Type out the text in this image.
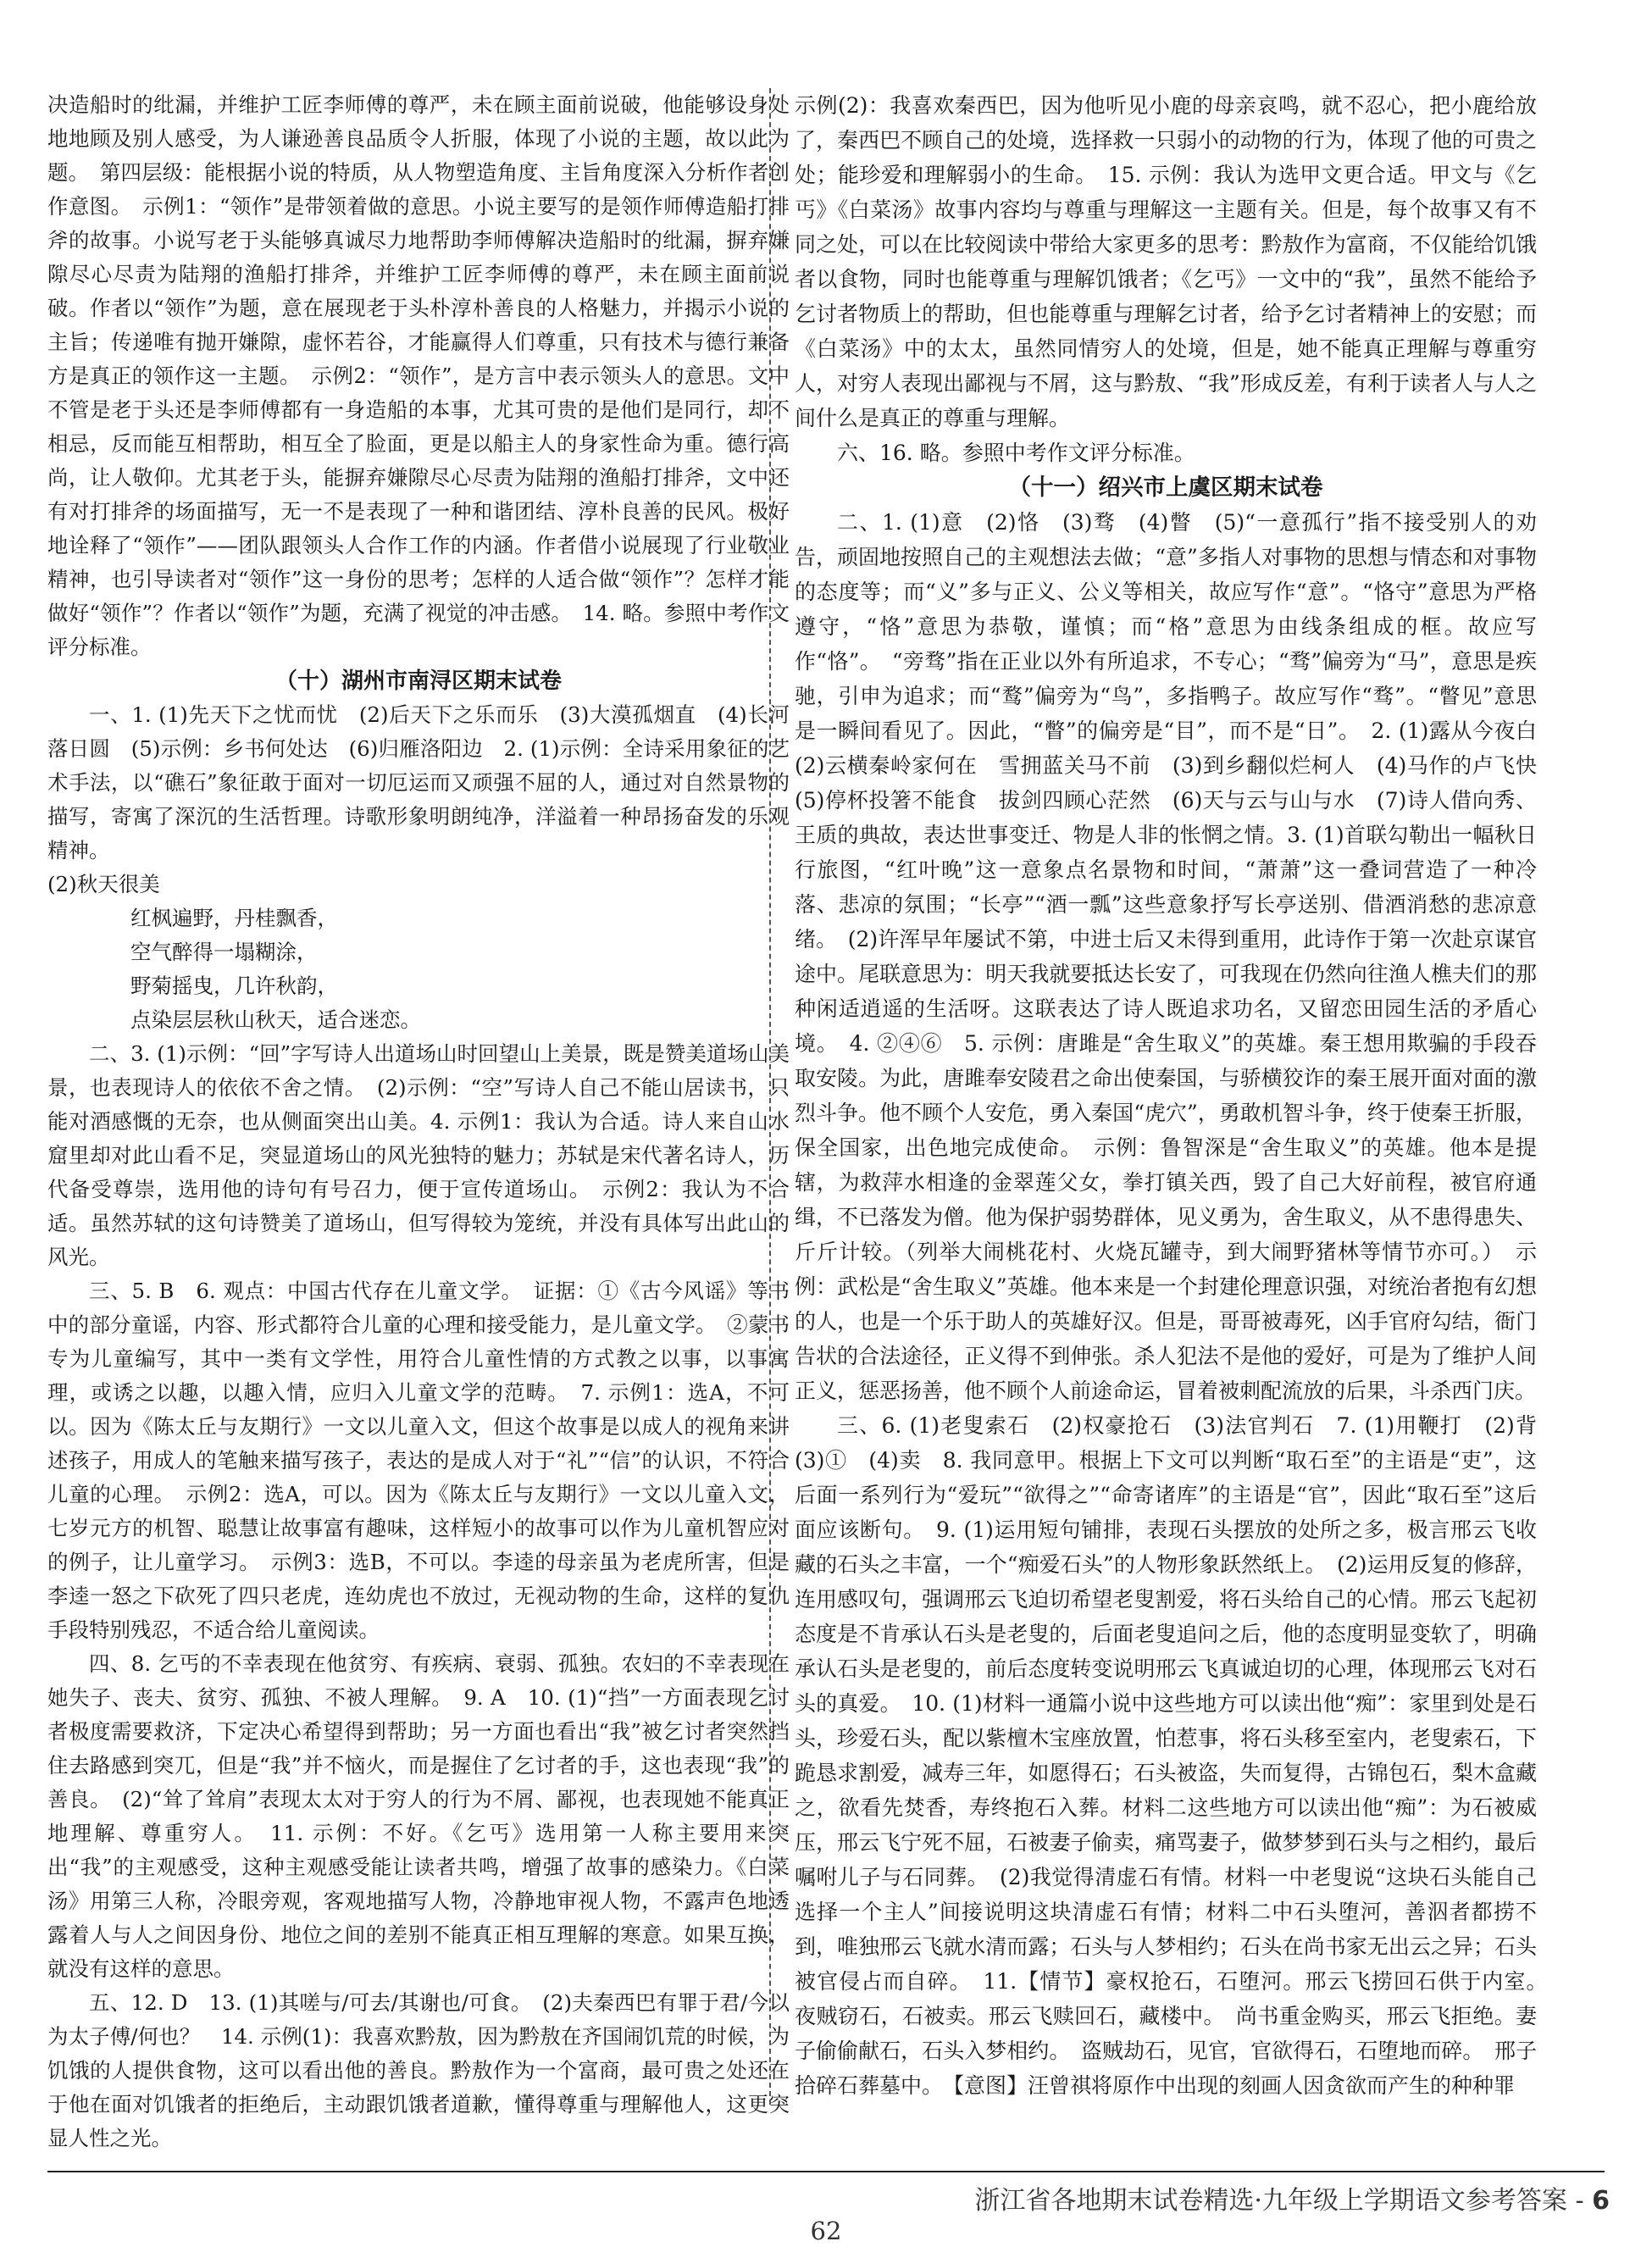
决造船时的纰漏，并维护工匠李师傅的尊严，未在顾主面前说破，他能够设身处地地顾及别人感受，为人谦逊善良品质令人折服，体现了小说的主题，故以此为题。　第四层级：能根据小说的特质，从人物塑造角度、主旨角度深入分析作者创作意图。　示例1：“领作”是带领着做的意思。小说主要写的是领作师傅造船打排斧的故事。小说写老于头能够真诚尽力地帮助李师傅解决造船时的纰漏，摒弃嫌隙尽心尽责为陆翔的渔船打排斧，并维护工匠李师傅的尊严，未在顾主面前说破。作者以“领作”为题，意在展现老于头朴淳朴善良的人格魅力，并揭示小说的主旨；传递唯有抛开嫌隙，虚怀若谷，才能赢得人们尊重，只有技术与德行兼备方是真正的领作这一主题。　示例2：“领作”，是方言中表示领头人的意思。文中不管是老于头还是李师傅都有一身造船的本事，尤其可贵的是他们是同行，却不相忌，反而能互相帮助，相互全了脸面，更是以船主人的身家性命为重。德行高尚，让人敬仰。尤其老于头，能摒弃嫌隙尽心尽责为陆翔的渔船打排斧，文中还有对打排斧的场面描写，无一不是表现了一种和谐团结、淳朴良善的民风。极好地诠释了“领作”——团队跟领头人合作工作的内涵。作者借小说展现了行业敬业精神，也引导读者对“领作”这一身份的思考；怎样的人适合做“领作”？怎样才能做好“领作”？作者以“领作”为题，充满了视觉的冲击感。　14. 略。参照中考作文评分标准。

（十）湖州市南浔区期末试卷

一、1. (1)先天下之忧而忧　(2)后天下之乐而乐　(3)大漠孤烟直　(4)长河落日圆　(5)示例：乡书何处达　(6)归雁洛阳边　2. (1)示例：全诗采用象征的艺术手法，以“礁石”象征敢于面对一切厄运而又顽强不屈的人，通过对自然景物的描写，寄寓了深沉的生活哲理。诗歌形象明朗纯净，洋溢着一种昂扬奋发的乐观精神。

(2)秋天很美

红枫遍野，丹桂飘香，

空气醉得一塌糊涂，

野菊摇曳，几许秋韵，

点染层层秋山秋天，适合迷恋。

二、3. (1)示例：“回”字写诗人出道场山时回望山上美景，既是赞美道场山美景，也表现诗人的依依不舍之情。　(2)示例：“空”写诗人自己不能山居读书，只能对酒感慨的无奈，也从侧面突出山美。4. 示例1：我认为合适。诗人来自山水窟里却对此山看不足，突显道场山的风光独特的魅力；苏轼是宋代著名诗人，历代备受尊崇，选用他的诗句有号召力，便于宣传道场山。　示例2：我认为不合适。虽然苏轼的这句诗赞美了道场山，但写得较为笼统，并没有具体写出此山的风光。

三、5. B　6. 观点：中国古代存在儿童文学。　证据：①《古今风谣》等书中的部分童谣，内容、形式都符合儿童的心理和接受能力，是儿童文学。　②蒙书专为儿童编写，其中一类有文学性，用符合儿童性情的方式教之以事，以事寓理，或诱之以趣，以趣入情，应归入儿童文学的范畴。　7. 示例1：选A，不可以。因为《陈太丘与友期行》一文以儿童入文，但这个故事是以成人的视角来讲述孩子，用成人的笔触来描写孩子，表达的是成人对于“礼”“信”的认识，不符合儿童的心理。　示例2：选A，可以。因为《陈太丘与友期行》一文以儿童入文，七岁元方的机智、聪慧让故事富有趣味，这样短小的故事可以作为儿童机智应对的例子，让儿童学习。　示例3：选B，不可以。李逵的母亲虽为老虎所害，但是李逵一怒之下砍死了四只老虎，连幼虎也不放过，无视动物的生命，这样的复仇手段特别残忍，不适合给儿童阅读。

四、8. 乞丐的不幸表现在他贫穷、有疾病、衰弱、孤独。农妇的不幸表现在她失子、丧夫、贫穷、孤独、不被人理解。　9. A　10. (1)“挡”一方面表现乞讨者极度需要救济，下定决心希望得到帮助；另一方面也看出“我”被乞讨者突然挡住去路感到突兀，但是“我”并不恼火，而是握住了乞讨者的手，这也表现“我”的善良。　(2)“耸了耸肩”表现太太对于穷人的行为不屑、鄙视，也表现她不能真正地理解、尊重穷人。　11. 示例：不好。《乞丐》选用第一人称主要用来突出“我”的主观感受，这种主观感受能让读者共鸣，增强了故事的感染力。《白菜汤》用第三人称，冷眼旁观，客观地描写人物，冷静地审视人物，不露声色地透露着人与人之间因身份、地位之间的差别不能真正相互理解的寒意。如果互换，就没有这样的意思。

五、12. D　13. (1)其嗟与/可去/其谢也/可食。　(2)夫秦西巴有罪于君/今以为太子傅/何也？　14. 示例(1)：我喜欢黔敖，因为黔敖在齐国闹饥荒的时候，为饥饿的人提供食物，这可以看出他的善良。黔敖作为一个富商，最可贵之处还在于他在面对饥饿者的拒绝后，主动跟饥饿者道歉，懂得尊重与理解他人，这更突显人性之光。

示例(2)：我喜欢秦西巴，因为他听见小鹿的母亲哀鸣，就不忍心，把小鹿给放了，秦西巴不顾自己的处境，选择救一只弱小的动物的行为，体现了他的可贵之处；能珍爱和理解弱小的生命。　15. 示例：我认为选甲文更合适。甲文与《乞丐》《白菜汤》故事内容均与尊重与理解这一主题有关。但是，每个故事又有不同之处，可以在比较阅读中带给大家更多的思考：黔敖作为富商，不仅能给饥饿者以食物，同时也能尊重与理解饥饿者；《乞丐》一文中的“我”，虽然不能给予乞讨者物质上的帮助，但也能尊重与理解乞讨者，给予乞讨者精神上的安慰；而《白菜汤》中的太太，虽然同情穷人的处境，但是，她不能真正理解与尊重穷人，对穷人表现出鄙视与不屑，这与黔敖、“我”形成反差，有利于读者人与人之间什么是真正的尊重与理解。

六、16. 略。参照中考作文评分标准。

（十一）绍兴市上虞区期末试卷

二、1. (1)意　(2)恪　(3)骛　(4)瞥　(5)“一意孤行”指不接受别人的劝告，顽固地按照自己的主观想法去做；“意”多指人对事物的思想与情态和对事物的态度等；而“义”多与正义、公义等相关，故应写作“意”。“恪守”意思为严格遵守，“恪”意思为恭敬，谨慎；而“格”意思为由线条组成的框。故应写作“恪”。　“旁骛”指在正业以外有所追求，不专心；“骛”偏旁为“马”，意思是疾驰，引申为追求；而“鹜”偏旁为“鸟”，多指鸭子。故应写作“骛”。“瞥见”意思是一瞬间看见了。因此，“瞥”的偏旁是“目”，而不是“日”。　2. (1)露从今夜白　(2)云横秦岭家何在　雪拥蓝关马不前　(3)到乡翻似烂柯人　(4)马作的卢飞快　(5)停杯投箸不能食　拔剑四顾心茫然　(6)天与云与山与水　(7)诗人借向秀、王质的典故，表达世事变迁、物是人非的怅惘之情。3. (1)首联勾勒出一幅秋日行旅图，“红叶晚”这一意象点名景物和时间，“萧萧”这一叠词营造了一种冷落、悲凉的氛围；“长亭”“酒一瓢”这些意象抒写长亭送别、借酒消愁的悲凉意绪。　(2)许浑早年屡试不第，中进士后又未得到重用，此诗作于第一次赴京谋官途中。尾联意思为：明天我就要抵达长安了，可我现在仍然向往渔人樵夫们的那种闲适逍遥的生活呀。这联表达了诗人既追求功名，又留恋田园生活的矛盾心境。　4. ②④⑥　5. 示例：唐雎是“舍生取义”的英雄。秦王想用欺骗的手段吞取安陵。为此，唐雎奉安陵君之命出使秦国，与骄横狡诈的秦王展开面对面的激烈斗争。他不顾个人安危，勇入秦国“虎穴”，勇敢机智斗争，终于使秦王折服，保全国家，出色地完成使命。　示例：鲁智深是“舍生取义”的英雄。他本是提辖，为救萍水相逢的金翠莲父女，拳打镇关西，毁了自己大好前程，被官府通缉，不已落发为僧。他为保护弱势群体，见义勇为，舍生取义，从不患得患失、斤斤计较。（列举大闹桃花村、火烧瓦罐寺，到大闹野猪林等情节亦可。）　示例：武松是“舍生取义”英雄。他本来是一个封建伦理意识强，对统治者抱有幻想的人，也是一个乐于助人的英雄好汉。但是，哥哥被毒死，凶手官府勾结，衙门告状的合法途径，正义得不到伸张。杀人犯法不是他的爱好，可是为了维护人间正义，惩恶扬善，他不顾个人前途命运，冒着被刺配流放的后果，斗杀西门庆。

三、6. (1)老叟索石　(2)权豪抢石　(3)法官判石　7. (1)用鞭打　(2)背　(3)①　(4)卖　8. 我同意甲。根据上下文可以判断“取石至”的主语是“吏”，这后面一系列行为“爱玩”“欲得之”“命寄诸库”的主语是“官”，因此“取石至”这后面应该断句。　9. (1)运用短句铺排，表现石头摆放的处所之多，极言邢云飞收藏的石头之丰富，一个“痴爱石头”的人物形象跃然纸上。　(2)运用反复的修辞，连用感叹句，强调邢云飞迫切希望老叟割爱，将石头给自己的心情。邢云飞起初态度是不肯承认石头是老叟的，后面老叟追问之后，他的态度明显变软了，明确承认石头是老叟的，前后态度转变说明邢云飞真诚迫切的心理，体现邢云飞对石头的真爱。　10. (1)材料一通篇小说中这些地方可以读出他“痴”：家里到处是石头，珍爱石头，配以紫檀木宝座放置，怕惹事，将石头移至室内，老叟索石，下跪恳求割爱，减寿三年，如愿得石；石头被盗，失而复得，古锦包石，梨木盒藏之，欲看先焚香，寿终抱石入葬。材料二这些地方可以读出他“痴”：为石被威压，邢云飞宁死不屈，石被妻子偷卖，痛骂妻子，做梦梦到石头与之相约，最后嘱咐儿子与石同葬。　(2)我觉得清虚石有情。材料一中老叟说“这块石头能自己选择一个主人”间接说明这块清虚石有情；材料二中石头堕河，善泅者都捞不到，唯独邢云飞就水清而露；石头与人梦相约；石头在尚书家无出云之异；石头被官侵占而自碎。　11.【情节】豪权抢石，石堕河。邢云飞捞回石供于内室。　夜贼窃石，石被卖。邢云飞赎回石，藏楼中。　尚书重金购买，邢云飞拒绝。妻子偷偷献石，石头入梦相约。　盗贼劫石，见官，官欲得石，石堕地而碎。　邢子拾碎石葬墓中。　【意图】汪曾祺将原作中出现的刻画人因贪欲而产生的种种罪

浙江省各地期末试卷精选·九年级上学期语文参考答案 - 6
62
